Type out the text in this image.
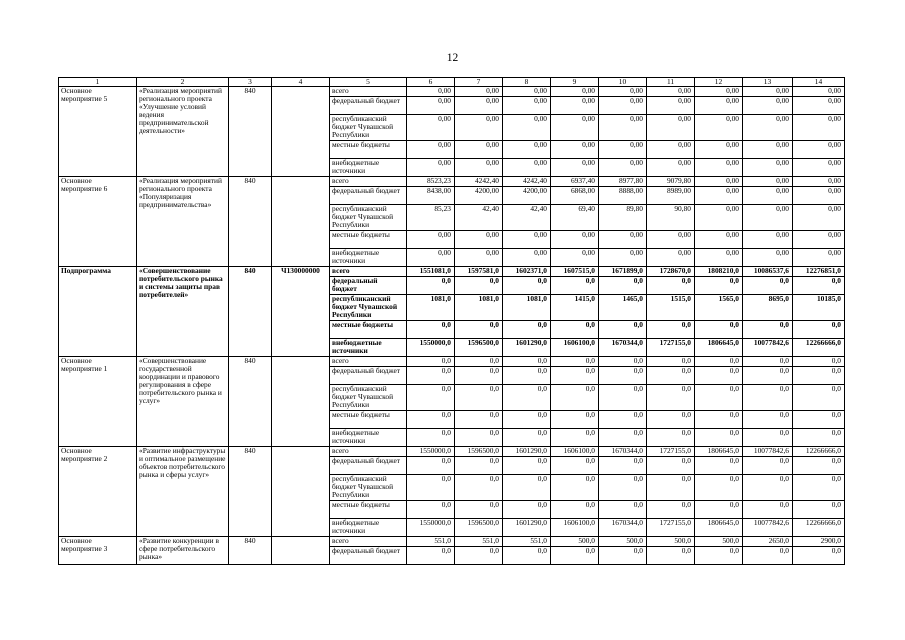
12
1	2	3	4	5	6	7	8	9	10	11	12	13	14
Основное мероприятие 5	«Реализация мероприятий регионального проекта «Улучшение условий ведения предпринимательской деятельности»	840		всего	0,00	0,00	0,00	0,00	0,00	0,00	0,00	0,00	0,00
				федеральный бюджет	0,00	0,00	0,00	0,00	0,00	0,00	0,00	0,00	0,00
				республиканский бюджет Чувашской Республики	0,00	0,00	0,00	0,00	0,00	0,00	0,00	0,00	0,00
				местные бюджеты	0,00	0,00	0,00	0,00	0,00	0,00	0,00	0,00	0,00
				внебюджетные источники	0,00	0,00	0,00	0,00	0,00	0,00	0,00	0,00	0,00
Основное мероприятие 6	«Реализация мероприятий регионального проекта «Популяризация предпринимательства»	840		всего	8523,23	4242,40	4242,40	6937,40	8977,80	9079,80	0,00	0,00	0,00
				федеральный бюджет	8438,00	4200,00	4200,00	6868,00	8888,00	8989,00	0,00	0,00	0,00
				республиканский бюджет Чувашской Республики	85,23	42,40	42,40	69,40	89,80	90,80	0,00	0,00	0,00
				местные бюджеты	0,00	0,00	0,00	0,00	0,00	0,00	0,00	0,00	0,00
				внебюджетные источники	0,00	0,00	0,00	0,00	0,00	0,00	0,00	0,00	0,00
Подпрограмма	«Совершенствование потребительского рынка и системы защиты прав потребителей»	840	Ч130000000	всего	1551081,0	1597581,0	1602371,0	1607515,0	1671899,0	1728670,0	1808210,0	10086537,6	12276851,0
				федеральный бюджет	0,0	0,0	0,0	0,0	0,0	0,0	0,0	0,0	0,0
				республиканский бюджет Чувашской Республики	1081,0	1081,0	1081,0	1415,0	1465,0	1515,0	1565,0	8695,0	10185,0
				местные бюджеты	0,0	0,0	0,0	0,0	0,0	0,0	0,0	0,0	0,0
				внебюджетные источники	1550000,0	1596500,0	1601290,0	1606100,0	1670344,0	1727155,0	1806645,0	10077842,6	12266666,0
Основное мероприятие 1	«Совершенствование государственной координации и правового регулирования в сфере потребительского рынка и услуг»	840		всего	0,0	0,0	0,0	0,0	0,0	0,0	0,0	0,0	0,0
				федеральный бюджет	0,0	0,0	0,0	0,0	0,0	0,0	0,0	0,0	0,0
				республиканский бюджет Чувашской Республики	0,0	0,0	0,0	0,0	0,0	0,0	0,0	0,0	0,0
				местные бюджеты	0,0	0,0	0,0	0,0	0,0	0,0	0,0	0,0	0,0
				внебюджетные источники	0,0	0,0	0,0	0,0	0,0	0,0	0,0	0,0	0,0
Основное мероприятие 2	«Развитие инфраструктуры и оптимальное размещение объектов потребительского рынка и сферы услуг»	840		всего	1550000,0	1596500,0	1601290,0	1606100,0	1670344,0	1727155,0	1806645,0	10077842,6	12266666,0
				федеральный бюджет	0,0	0,0	0,0	0,0	0,0	0,0	0,0	0,0	0,0
				республиканский бюджет Чувашской Республики	0,0	0,0	0,0	0,0	0,0	0,0	0,0	0,0	0,0
				местные бюджеты	0,0	0,0	0,0	0,0	0,0	0,0	0,0	0,0	0,0
				внебюджетные источники	1550000,0	1596500,0	1601290,0	1606100,0	1670344,0	1727155,0	1806645,0	10077842,6	12266666,0
Основное мероприятие 3	«Развитие конкуренции в сфере потребительского рынка»	840		всего	551,0	551,0	551,0	500,0	500,0	500,0	500,0	2650,0	2900,0
				федеральный бюджет	0,0	0,0	0,0	0,0	0,0	0,0	0,0	0,0	0,0
